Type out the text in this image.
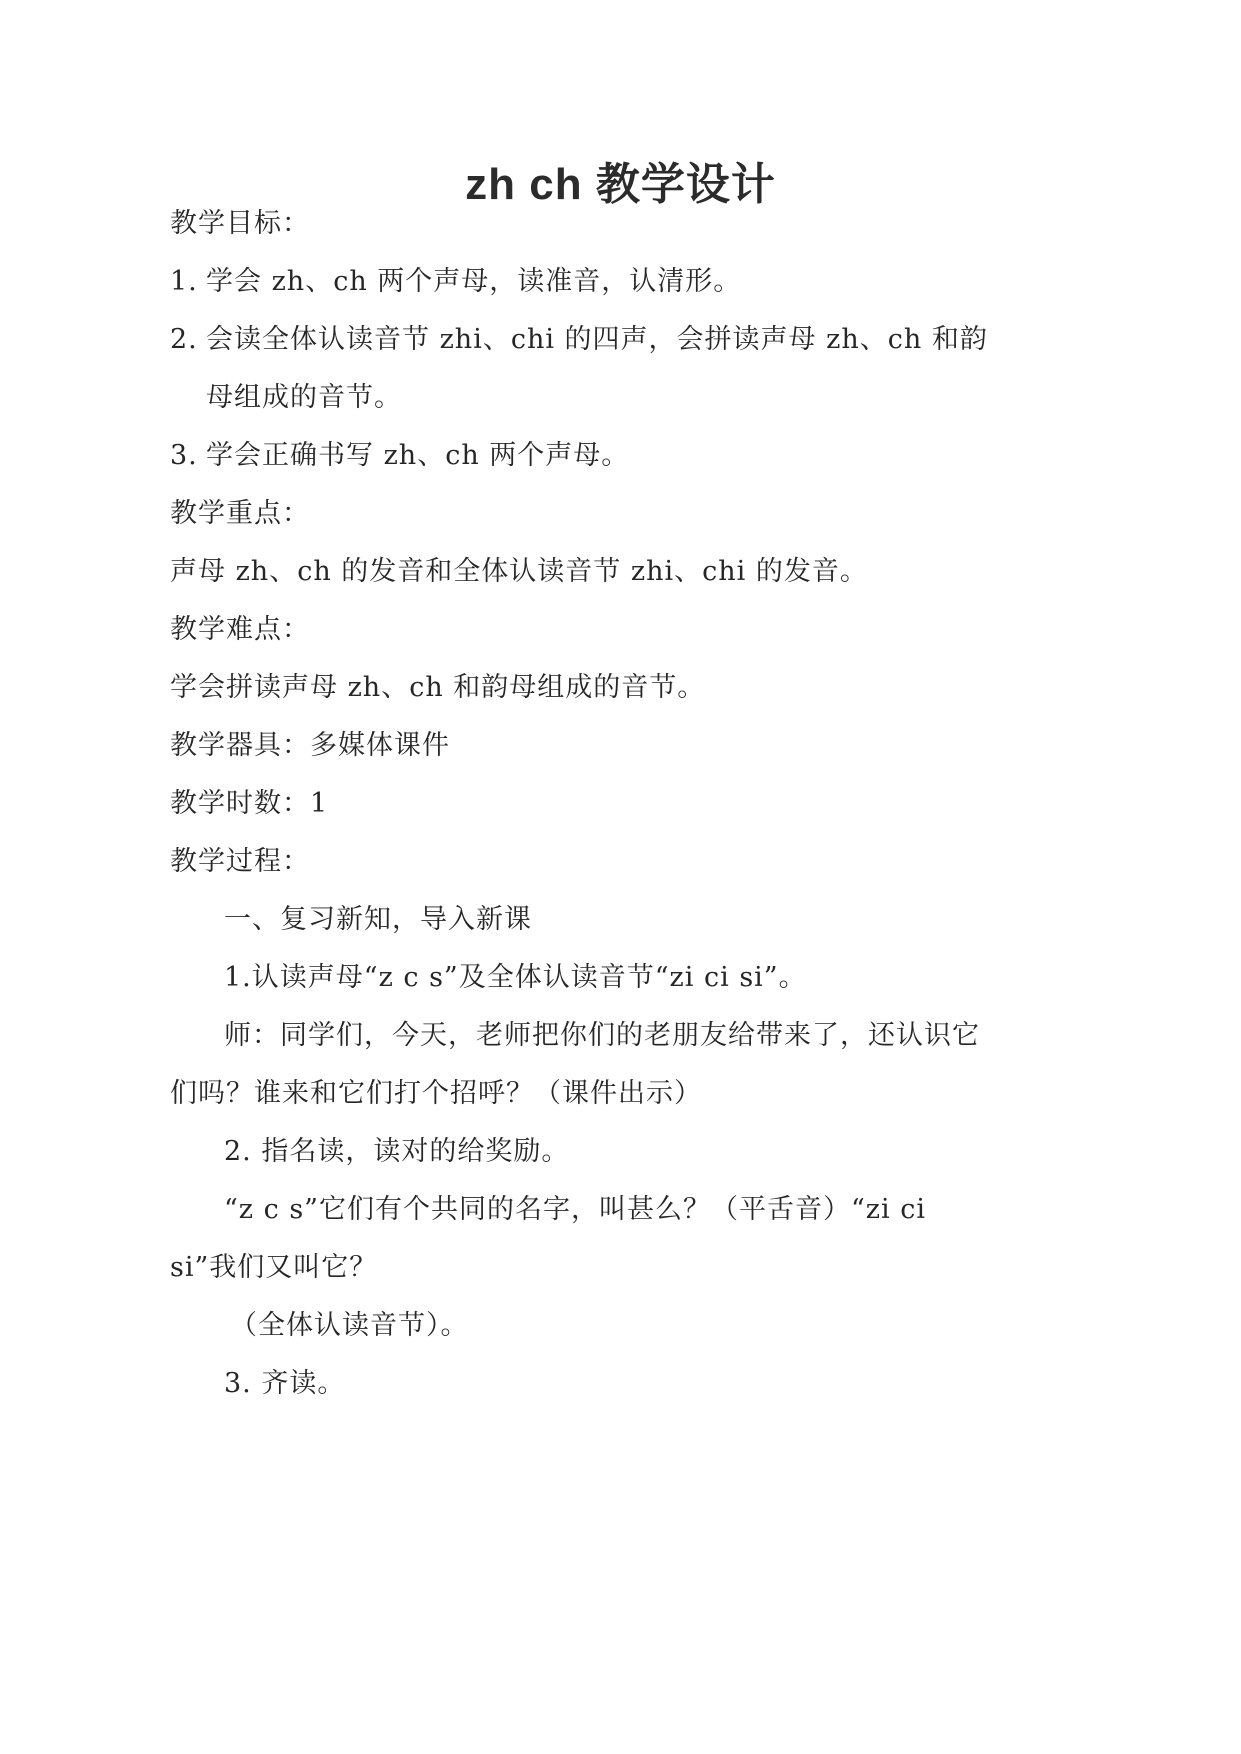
zh ch 教学设计
教学目标：
1. 学会 zh、ch 两个声母，读准音，认清形。
2. 会读全体认读音节 zhi、chi 的四声，会拼读声母 zh、ch 和韵
母组成的音节。
3. 学会正确书写 zh、ch 两个声母。
教学重点：
声母 zh、ch 的发音和全体认读音节 zhi、chi 的发音。
教学难点：
学会拼读声母 zh、ch 和韵母组成的音节。
教学器具：多媒体课件
教学时数：1
教学过程：
一、复习新知，导入新课
1.认读声母“z c s”及全体认读音节“zi ci si”。
师：同学们，今天，老师把你们的老朋友给带来了，还认识它
们吗？谁来和它们打个招呼？（课件出示）
2. 指名读，读对的给奖励。
“z c s”它们有个共同的名字，叫甚么？（平舌音）“zi ci
si”我们又叫它？
（全体认读音节）。
3. 齐读。
